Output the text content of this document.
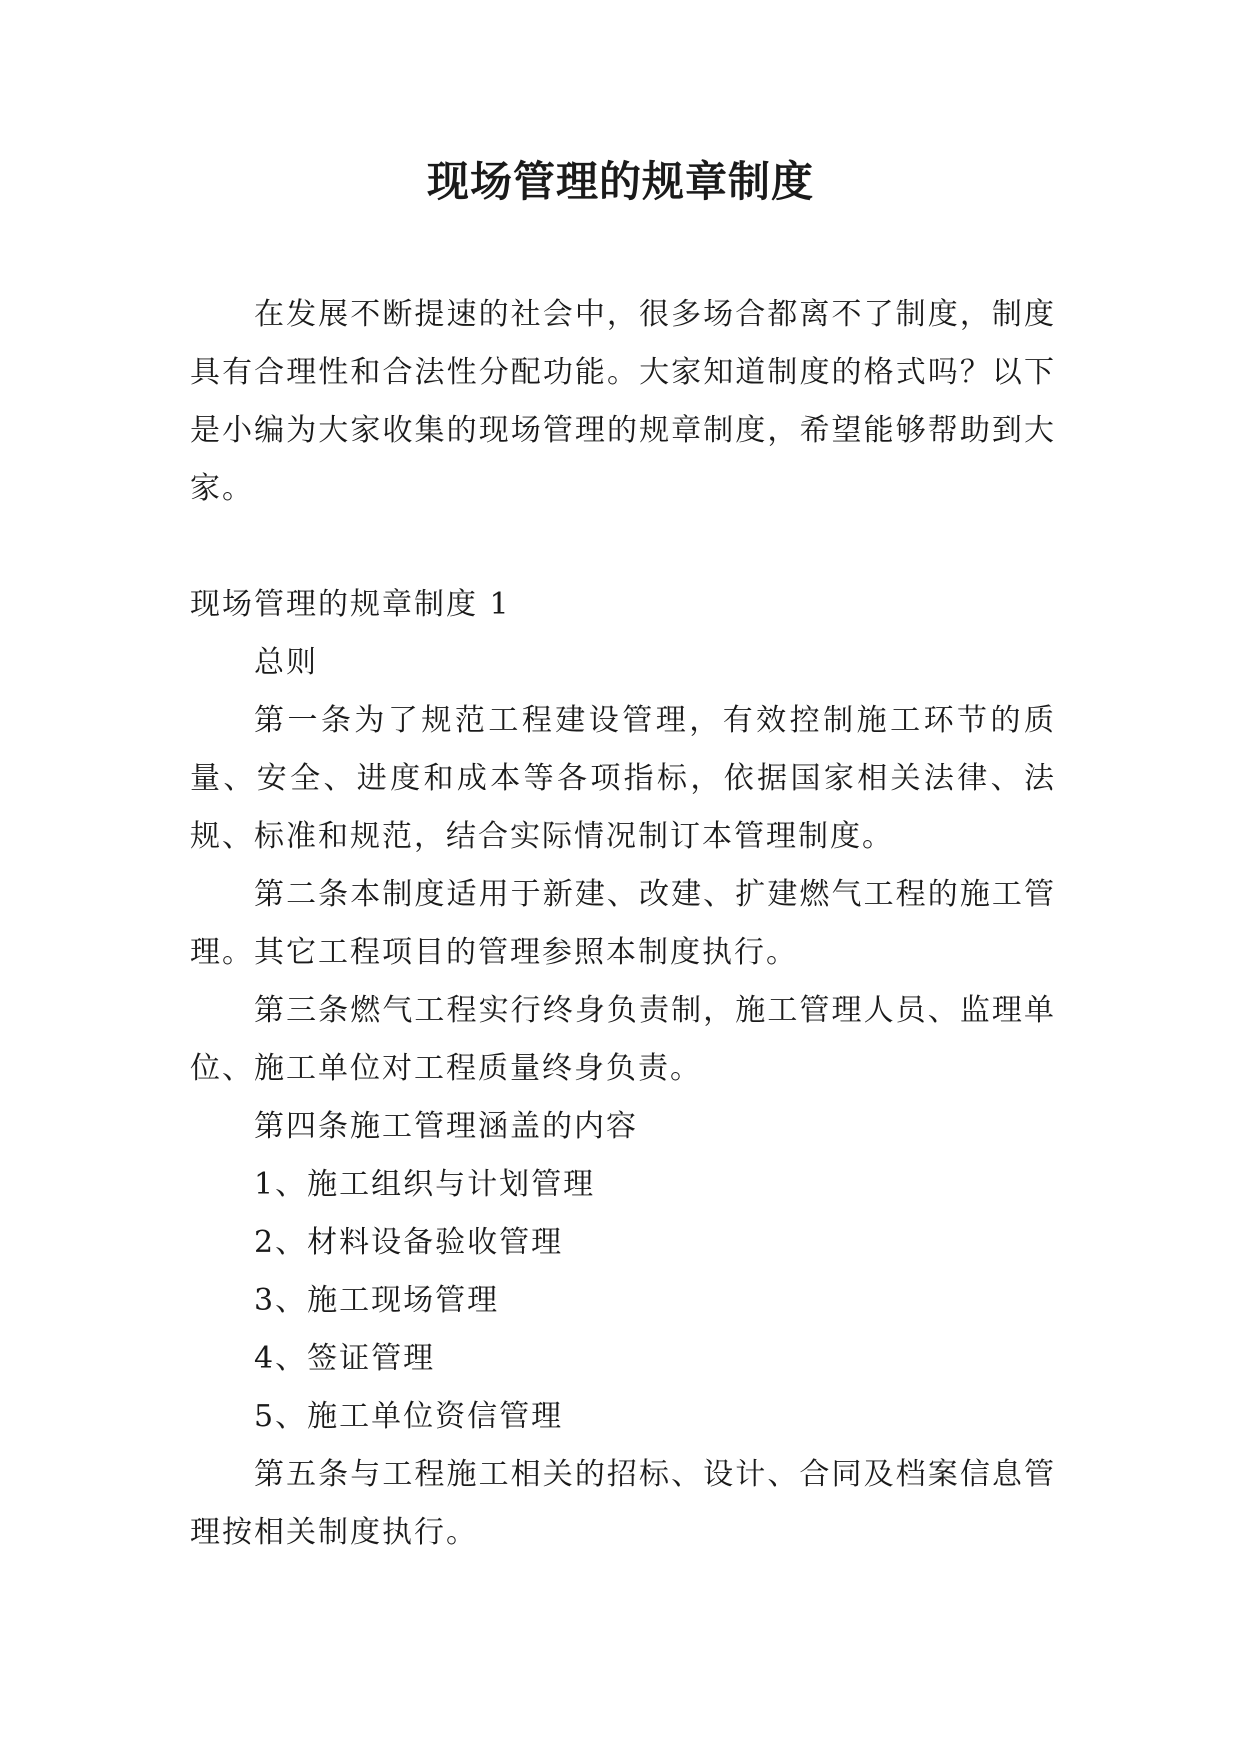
现场管理的规章制度

在发展不断提速的社会中，很多场合都离不了制度，制度具有合理性和合法性分配功能。大家知道制度的格式吗？以下是小编为大家收集的现场管理的规章制度，希望能够帮助到大家。

现场管理的规章制度 1

总则

第一条为了规范工程建设管理，有效控制施工环节的质量、安全、进度和成本等各项指标，依据国家相关法律、法规、标准和规范，结合实际情况制订本管理制度。

第二条本制度适用于新建、改建、扩建燃气工程的施工管理。其它工程项目的管理参照本制度执行。

第三条燃气工程实行终身负责制，施工管理人员、监理单位、施工单位对工程质量终身负责。

第四条施工管理涵盖的内容

1、施工组织与计划管理

2、材料设备验收管理

3、施工现场管理

4、签证管理

5、施工单位资信管理

第五条与工程施工相关的招标、设计、合同及档案信息管理按相关制度执行。
